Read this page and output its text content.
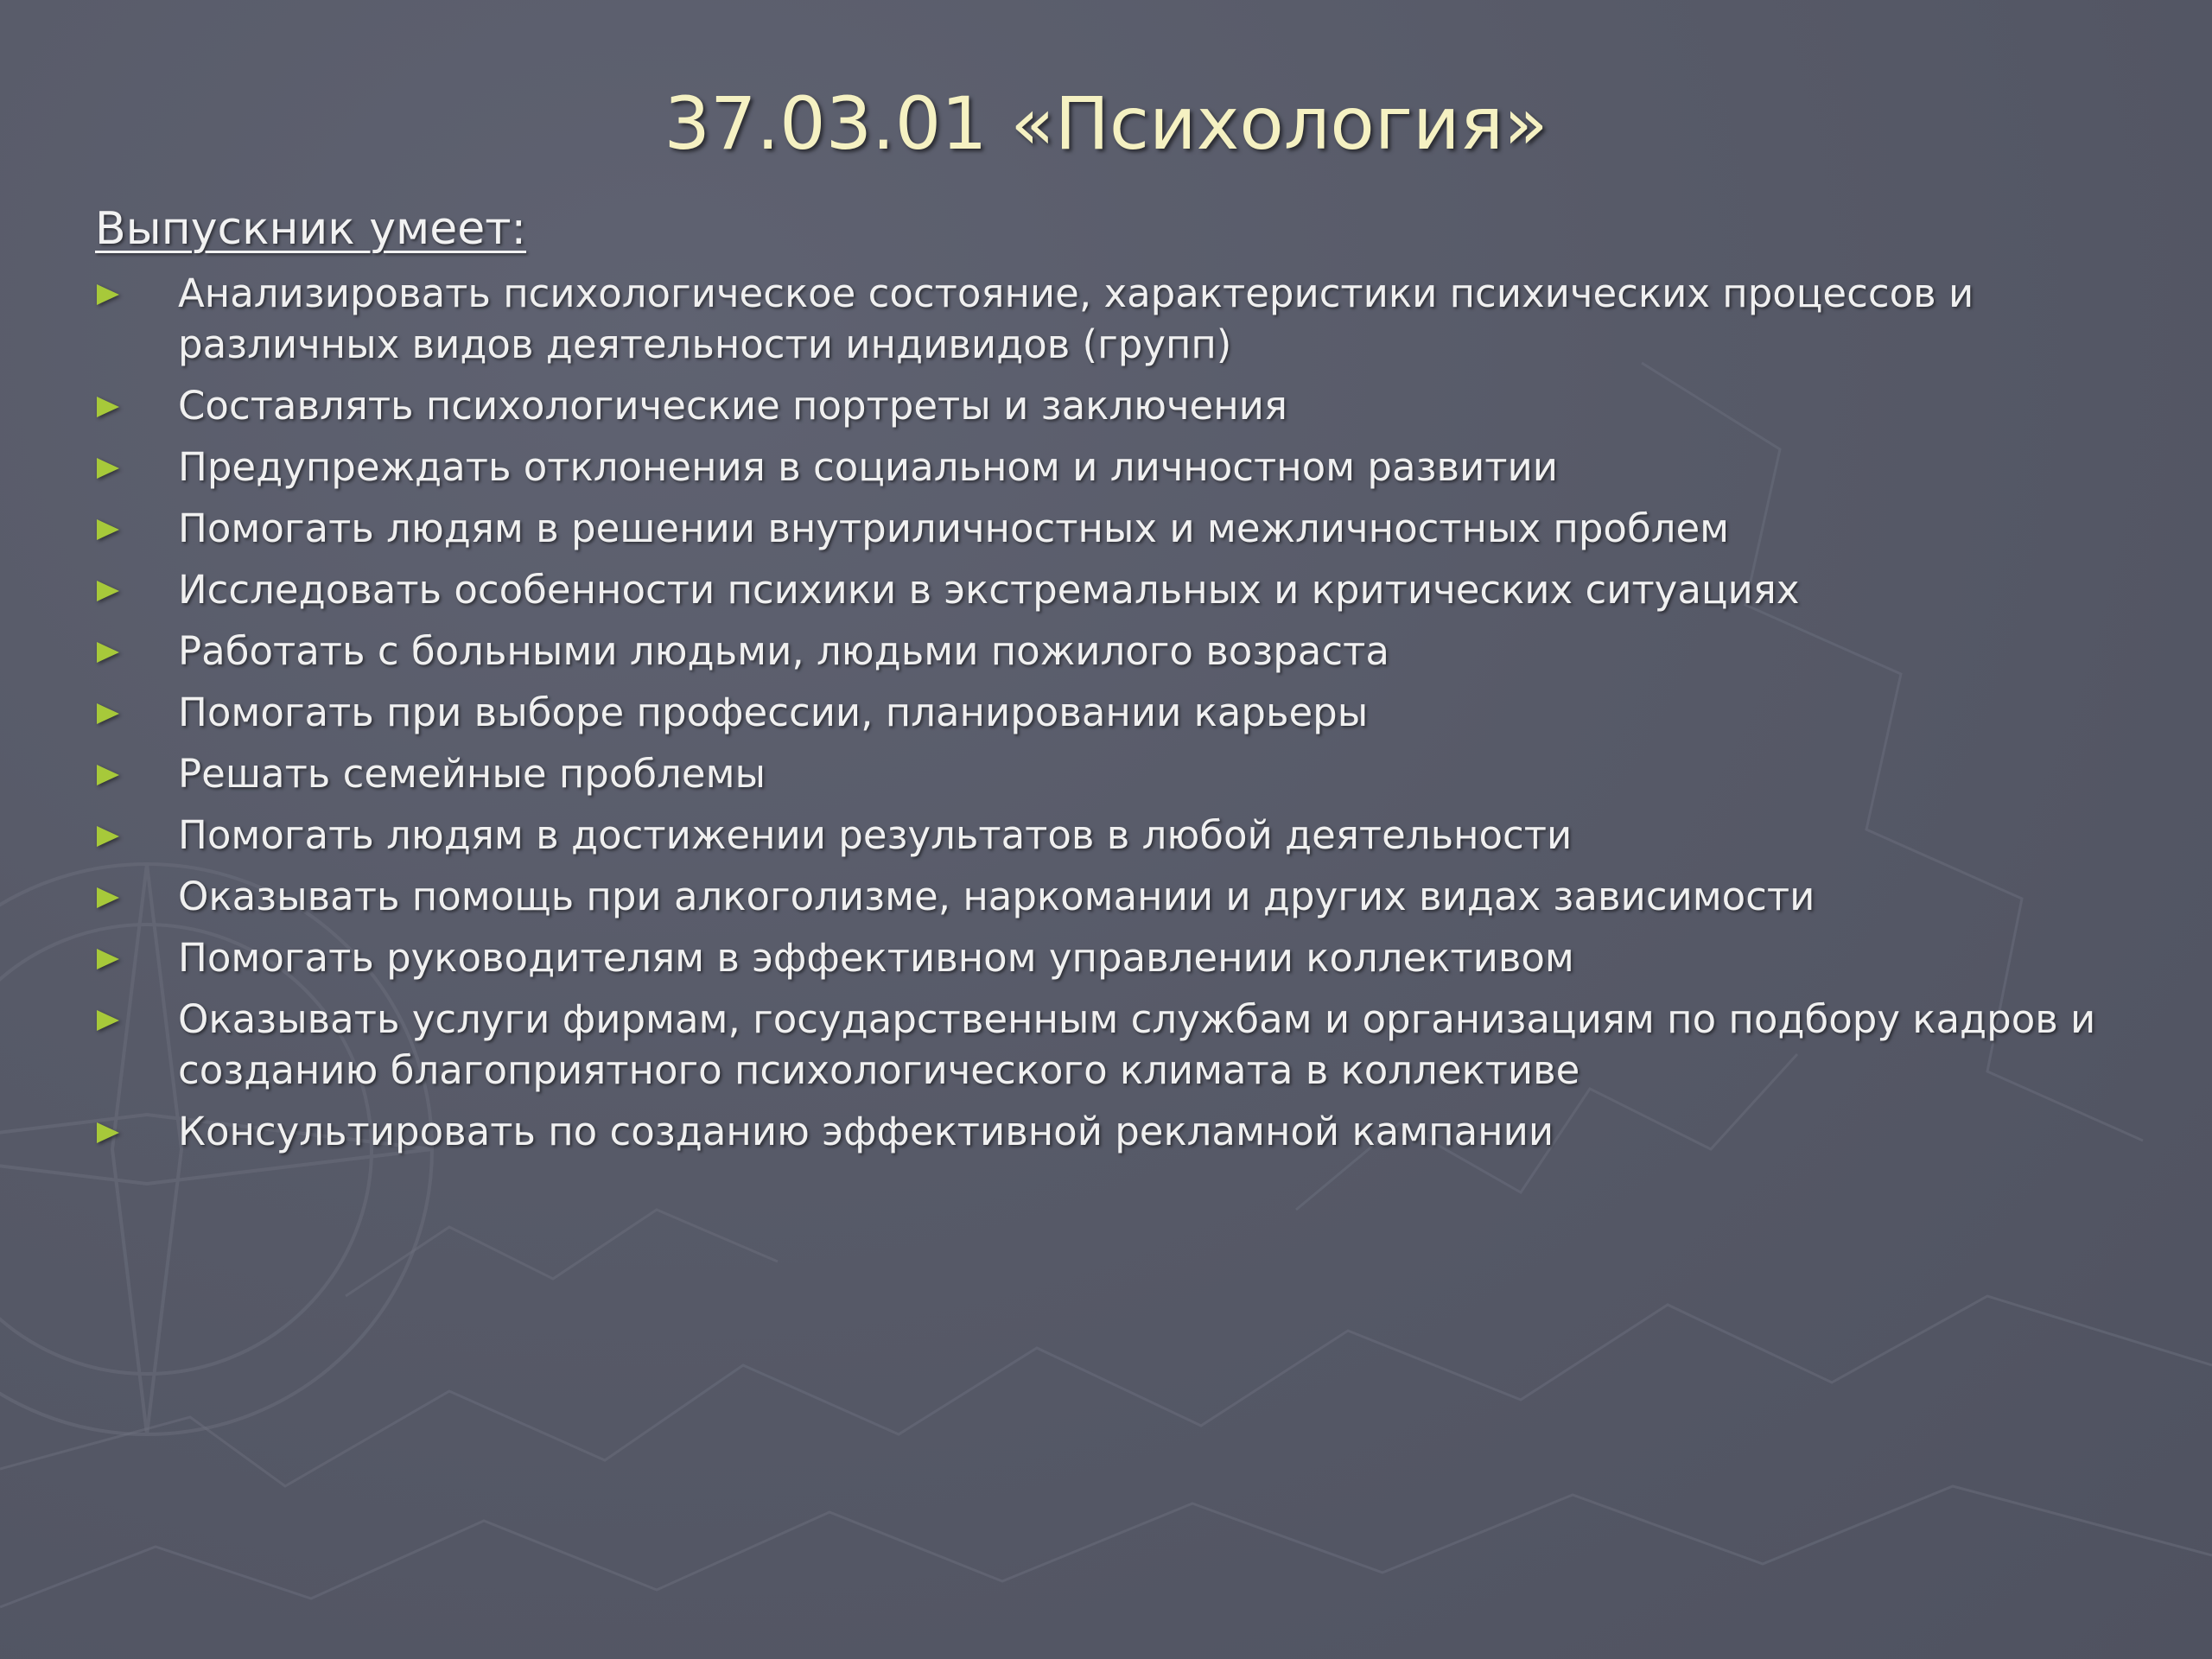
37.03.01 «Психология»
Выпускник умеет:
Анализировать психологическое состояние, характеристики психических процессов и различных видов деятельности индивидов (групп)
Составлять психологические портреты и заключения
Предупреждать отклонения в социальном и личностном развитии
Помогать людям в решении внутриличностных и межличностных проблем
Исследовать особенности психики в экстремальных и критических ситуациях
Работать с больными людьми, людьми пожилого возраста
Помогать при выборе профессии, планировании карьеры
Решать семейные проблемы
Помогать людям в достижении результатов в любой деятельности
Оказывать помощь при алкоголизме, наркомании и других видах зависимости
Помогать руководителям в эффективном управлении коллективом
Оказывать услуги фирмам, государственным службам и организациям по подбору кадров и созданию благоприятного психологического климата в коллективе
Консультировать по созданию эффективной рекламной кампании
